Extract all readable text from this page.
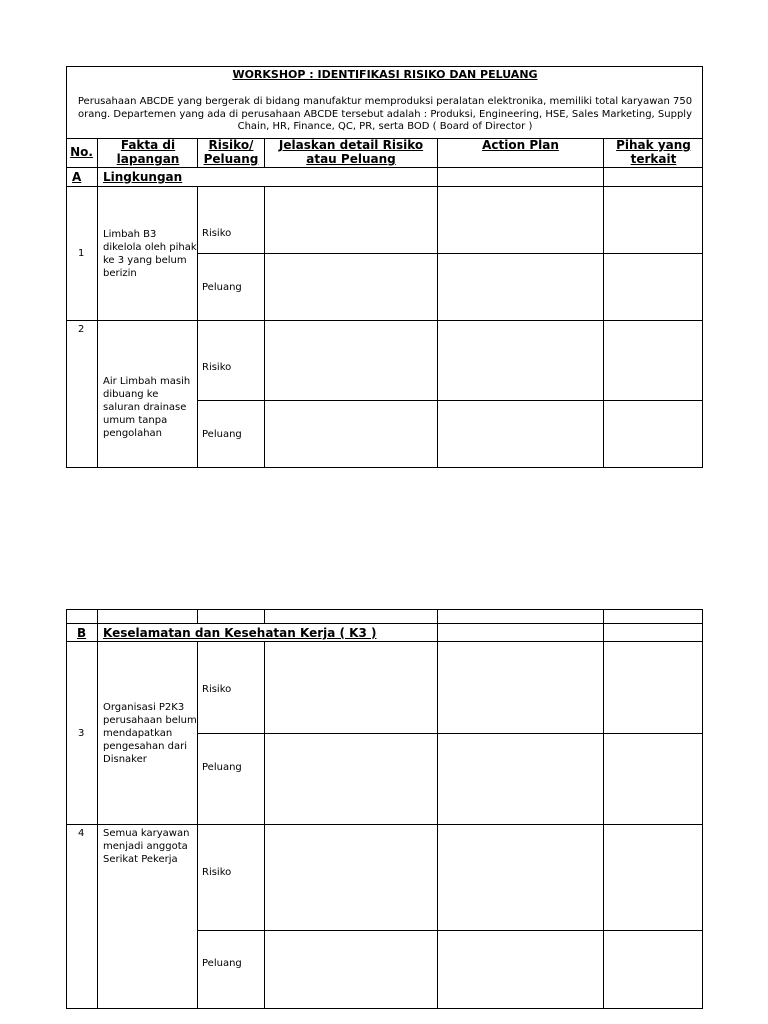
WORKSHOP : IDENTIFIKASI RISIKO DAN PELUANG
Perusahaan ABCDE yang bergerak di bidang manufaktur memproduksi peralatan elektronika, memiliki total karyawan 750 orang. Departemen yang ada di perusahaan ABCDE tersebut adalah : Produksi, Engineering, HSE, Sales Marketing, Supply Chain, HR, Finance, QC, PR, serta BOD ( Board of Director )
No.	Fakta di lapangan
Risiko/ Peluang
Jelaskan detail Risiko atau Peluang
Action Plan	Pihak yang terkait
A Lingkungan
1
Limbah B3 dikelola oleh pihak ke 3 yang belum berizin
Risiko
Peluang
2
Air Limbah masih dibuang ke saluran drainase umum tanpa pengolahan
Risiko
Peluang
B Keselamatan dan Kesehatan Kerja ( K3 )
3
Organisasi P2K3 perusahaan belum mendapatkan pengesahan dari Disnaker
Risiko
Peluang
4 Semua karyawan menjadi anggota Serikat Pekerja
Risiko
Peluang
